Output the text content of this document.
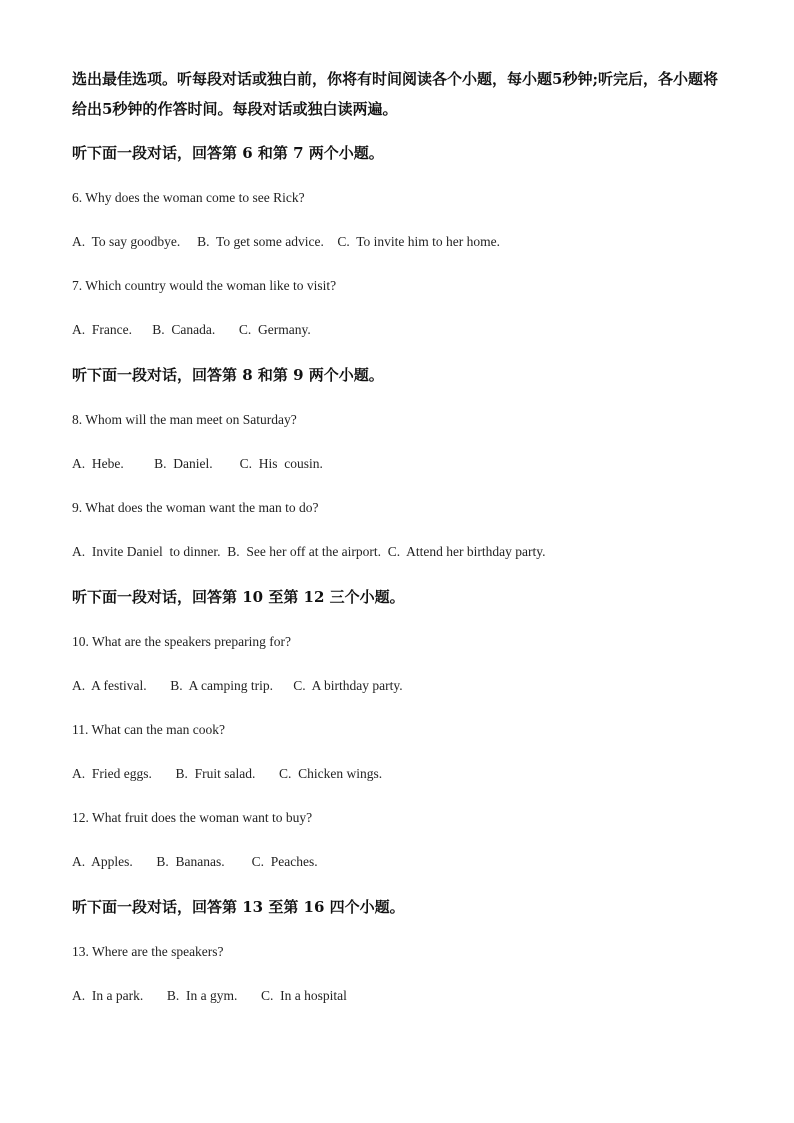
选出最佳选项。听每段对话或独白前，你将有时间阅读各个小题，每小题5秒钟;听完后，各小题将给出5秒钟的作答时间。每段对话或独白读两遍。

听下面一段对话，回答第 6 和第 7 两个小题。

6. Why does the woman come to see Rick?

A.  To say goodbye.     B.  To get some advice.    C.  To invite him to her home.

7. Which country would the woman like to visit?

A.  France.      B.  Canada.       C.  Germany.

听下面一段对话，回答第 8 和第 9 两个小题。

8. Whom will the man meet on Saturday?

A.  Hebe.         B.  Daniel.        C.  His  cousin.

9. What does the woman want the man to do?

A.  Invite Daniel  to dinner.  B.  See her off at the airport.  C.  Attend her birthday party.

听下面一段对话，回答第 10 至第 12 三个小题。

10. What are the speakers preparing for?

A.  A festival.       B.  A camping trip.      C.  A birthday party.

11. What can the man cook?

A.  Fried eggs.       B.  Fruit salad.       C.  Chicken wings.

12. What fruit does the woman want to buy?

A.  Apples.       B.  Bananas.        C.  Peaches.

听下面一段对话，回答第 13 至第 16 四个小题。

13. Where are the speakers?

A.  In a park.       B.  In a gym.       C.  In a hospital
